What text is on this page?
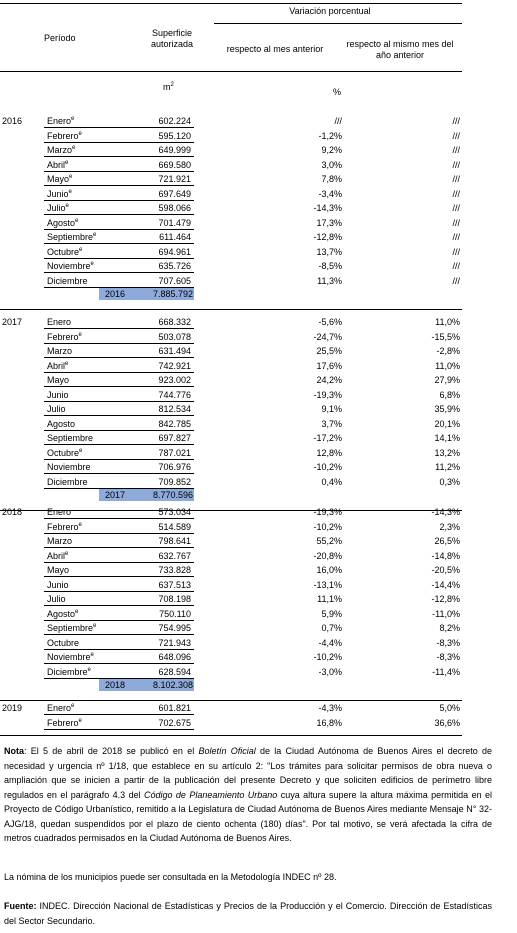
Variación porcentual
Período	Superficie autorizada	respecto al mes anterior	respecto al mismo mes del año anterior
$m^2$
%
2016	Enero$^e$	602.224	///	///
Febrero$^e$	595.120	-1,2%	///
Marzo$^e$	649.999	9,2%	///
Abril$^e$	669.580	3,0%	///
Mayo$^e$	721.921	7,8%	///
Junio$^e$	697.649	-3,4%	///
Julio$^e$	598.066	-14,3%	///
Agosto$^e$	701.479	17,3%	///
Septiembre$^e$	611.464	-12,8%	///
Octubre$^e$	694.961	13,7%	///
Noviembre$^e$	635.726	-8,5%	///
Diciembre	707.605	11,3%	///
2016	7.885.792
2017	Enero	668.332	-5,6%	11,0%
Febrero$^e$	503.078	-24,7%	-15,5%
Marzo	631.494	25,5%	-2,8%
Abril$^e$	742.921	17,6%	11,0%
Mayo	923.002	24,2%	27,9%
Junio	744.776	-19,3%	6,8%
Julio	812.534	9,1%	35,9%
Agosto	842.785	3,7%	20,1%
Septiembre	697.827	-17,2%	14,1%
Octubre$^e$	787.021	12,8%	13,2%
Noviembre	706.976	-10,2%	11,2%
Diciembre	709.852	0,4%	0,3%
2017	8.770.596
2018	Enero	573.034	-19,3%	-14,3%
Febrero$^e$	514.589	-10,2%	2,3%
Marzo	798.641	55,2%	26,5%
Abril$^e$	632.767	-20,8%	-14,8%
Mayo	733.828	16,0%	-20,5%
Junio	637.513	-13,1%	-14,4%
Julio	708.198	11,1%	-12,8%
Agosto$^e$	750.110	5,9%	-11,0%
Septiembre$^e$	754.995	0,7%	8,2%
Octubre	721.943	-4,4%	-8,3%
Noviembre$^e$	648.096	-10,2%	-8,3%
Diciembre$^e$	628.594	-3,0%	-11,4%
2018	8.102.308
2019	Enero$^e$	601.821	-4,3%	5,0%
Febrero$^e$	702.675	16,8%	36,6%
Nota: El 5 de abril de 2018 se publicó en el Boletín Oficial de la Ciudad Autónoma de Buenos Aires el decreto de necesidad y urgencia nº 1/18, que establece en su artículo 2: "Los trámites para solicitar permisos de obra nueva o ampliación que se inicien a partir de la publicación del presente Decreto y que soliciten edificios de perímetro libre regulados en el parágrafo 4.3 del Código de Planeamiento Urbano cuya altura supere la altura máxima permitida en el Proyecto de Código Urbanístico, remitido a la Legislatura de Ciudad Autónoma de Buenos Aires mediante Mensaje N° 32-AJG/18, quedan suspendidos por el plazo de ciento ochenta (180) días". Por tal motivo, se verá afectada la cifra de metros cuadrados permisados en la Ciudad Autónoma de Buenos Aires.
La nómina de los municipios puede ser consultada en la Metodología INDEC nº 28.
Fuente: INDEC. Dirección Nacional de Estadísticas y Precios de la Producción y el Comercio. Dirección de Estadísticas del Sector Secundario.
